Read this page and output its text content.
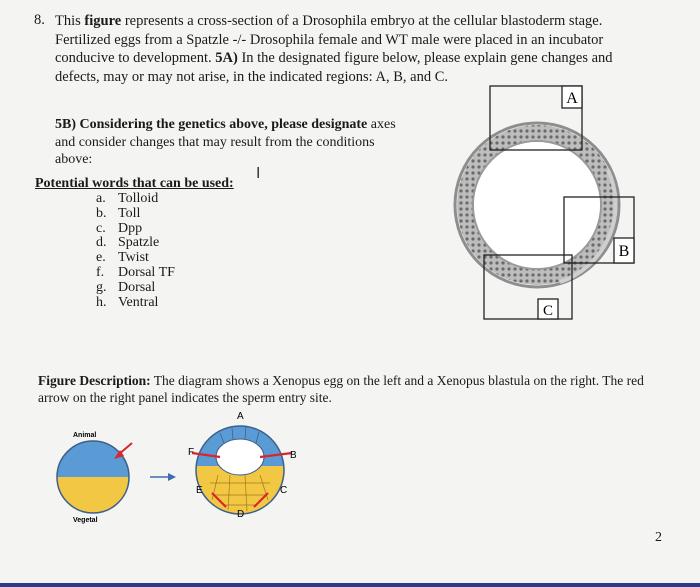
8. This figure represents a cross-section of a Drosophila embryo at the cellular blastoderm stage. Fertilized eggs from a Spatzle -/- Drosophila female and WT male were placed in an incubator conducive to development. 5A) In the designated figure below, please explain gene changes and defects, may or may not arise, in the indicated regions: A, B, and C.
5B) Considering the genetics above, please designate axes and consider changes that may result from the conditions above:
I
Potential words that can be used:
a. Tolloid
b. Toll
c. Dpp
d. Spatzle
e. Twist
f. Dorsal TF
g. Dorsal
h. Ventral
A
B
C
Figure Description: The diagram shows a Xenopus egg on the left and a Xenopus blastula on the right. The red arrow on the right panel indicates the sperm entry site.
Animal
Vegetal
A
B
C
D
E
F
2
